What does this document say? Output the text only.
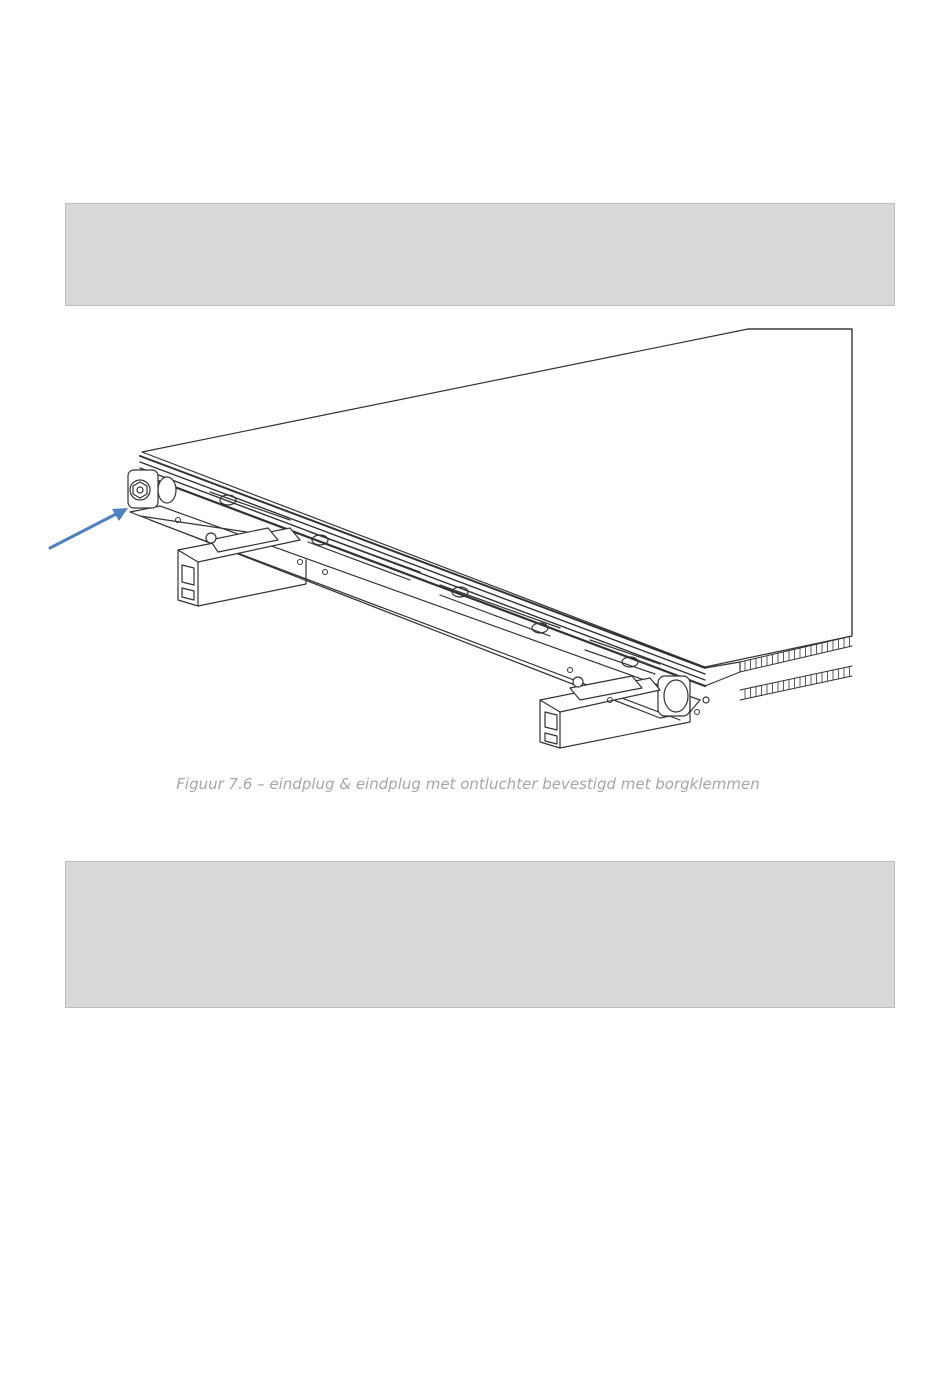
Figuur 7.6 – eindplug & eindplug met ontluchter bevestigd met borgklemmen
